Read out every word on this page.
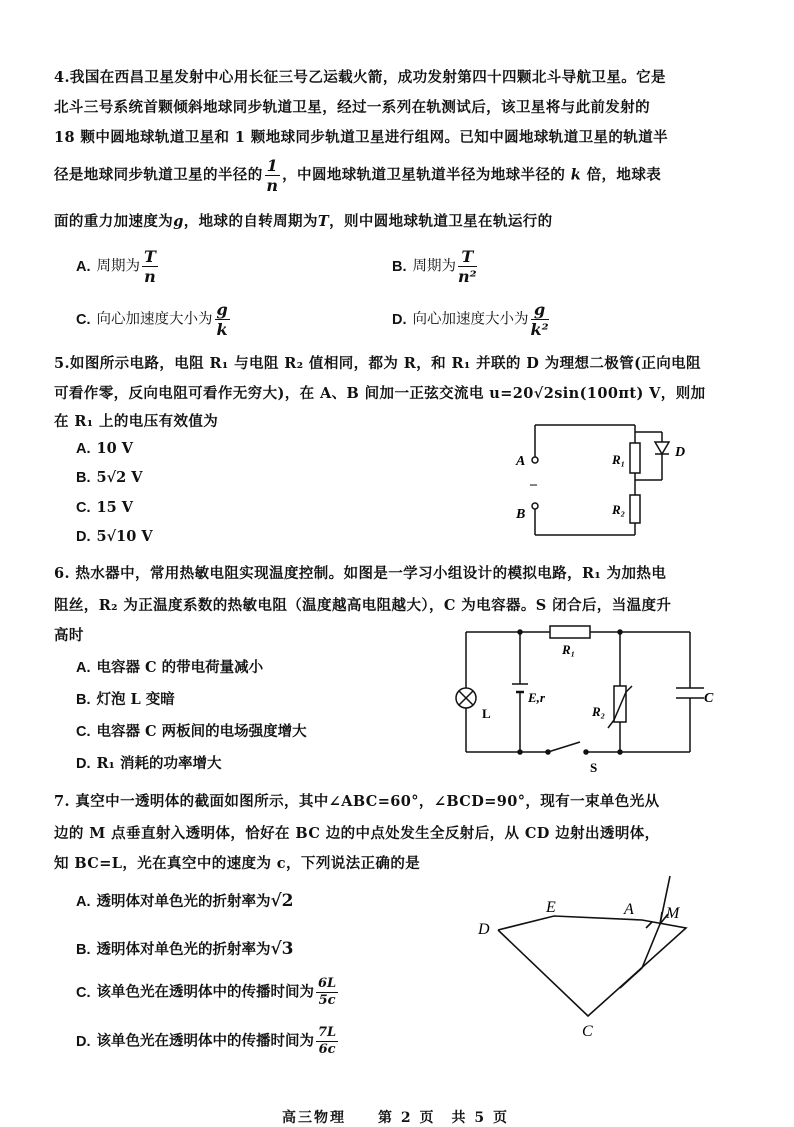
4.我国在西昌卫星发射中心用长征三号乙运载火箭，成功发射第四十四颗北斗导航卫星。它是
北斗三号系统首颗倾斜地球同步轨道卫星，经过一系列在轨测试后，该卫星将与此前发射的
18 颗中圆地球轨道卫星和 1 颗地球同步轨道卫星进行组网。已知中圆地球轨道卫星的轨道半
径是地球同步轨道卫星的半径的 $\frac{1}{n}$ ，中圆地球轨道卫星轨道半径为地球半径的 k 倍，地球表
面的重力加速度为g，地球的自转周期为T，则中圆地球轨道卫星在轨运行的
A. 周期为 $\frac{T}{n}$	B. 周期为 $\frac{T}{\text{n²}}$
C. 向心加速度大小为 $\frac{g}{k}$	D. 向心加速度大小为 $\frac{g}{\text{k²}}$
5.如图所示电路，电阻 R₁ 与电阻 R₂ 值相同，都为 R，和 R₁ 并联的 D 为理想二极管(正向电阻
可看作零，反向电阻可看作无穷大)，在 A、B 间加一正弦交流电 u=20√2sin(100πt) V，则加
在 R₁ 上的电压有效值为
A. 10 V
B. 5√2 V
C. 15 V
D. 5√10 V
A
–
B
R₁
R₂
D
6. 热水器中，常用热敏电阻实现温度控制。如图是一学习小组设计的模拟电路，R₁ 为加热电
阻丝，R₂ 为正温度系数的热敏电阻（温度越高电阻越大），C 为电容器。S 闭合后，当温度升
高时
A. 电容器 C 的带电荷量减小
B. 灯泡 L 变暗
C. 电容器 C 两板间的电场强度增大
D. R₁ 消耗的功率增大
R₁
E,r
L	R₂
C
S
7. 真空中一透明体的截面如图所示，其中∠ABC=60°，∠BCD=90°，现有一束单色光从
边的 M 点垂直射入透明体，恰好在 BC 边的中点处发生全反射后，从 CD 边射出透明体，
知 BC=L，光在真空中的速度为 c，下列说法正确的是
A. 透明体对单色光的折射率为√2
B. 透明体对单色光的折射率为√3
C. 该单色光在透明体中的传播时间为 $\frac{6L}{5c}$
D. 该单色光在透明体中的传播时间为 $\frac{7L}{6c}$
D
E	A M
C
高三物理　　第 2 页　共 5 页
